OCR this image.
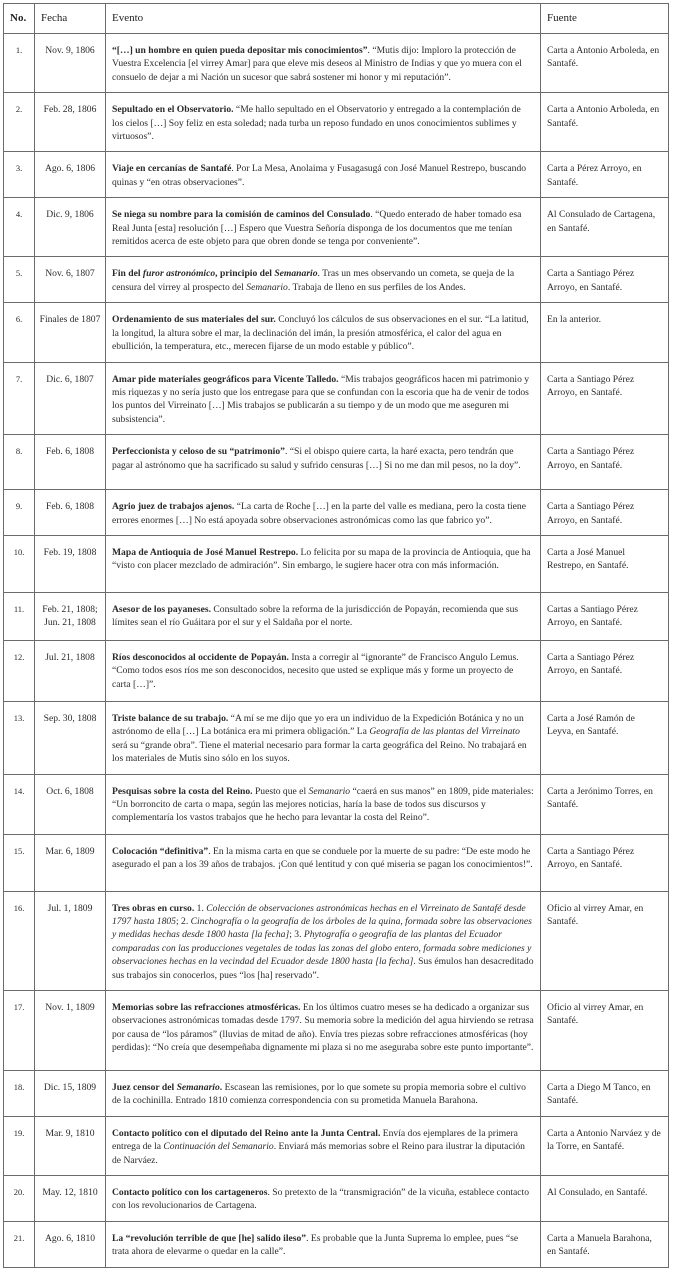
No.	Fecha	Evento	Fuente
1.	Nov. 9, 1806	“[…] un hombre en quien pueda depositar mis conocimientos”. “Mutis dijo: Imploro la protección de Vuestra Excelencia [el virrey Amar] para que eleve mis deseos al Ministro de Indias y que yo muera con el consuelo de dejar a mi Nación un sucesor que sabrá sostener mi honor y mi reputación”.	Carta a Antonio Arboleda, en Santafé.
2.	Feb. 28, 1806	Sepultado en el Observatorio. “Me hallo sepultado en el Observatorio y entregado a la contemplación de los cielos […] Soy feliz en esta soledad; nada turba un reposo fundado en unos conocimientos sublimes y virtuosos”.	Carta a Antonio Arboleda, en Santafé.
3.	Ago. 6, 1806	Viaje en cercanías de Santafé. Por La Mesa, Anolaima y Fusagasugá con José Manuel Restrepo, buscando quinas y “en otras observaciones”.	Carta a Pérez Arroyo, en Santafé.
4.	Dic. 9, 1806	Se niega su nombre para la comisión de caminos del Consulado. “Quedo enterado de haber tomado esa Real Junta [esta] resolución […] Espero que Vuestra Señoría disponga de los documentos que me tenían remitidos acerca de este objeto para que obren donde se tenga por conveniente”.	Al Consulado de Cartagena, en Santafé.
5.	Nov. 6, 1807	Fin del furor astronómico, principio del Semanario. Tras un mes observando un cometa, se queja de la censura del virrey al prospecto del Semanario. Trabaja de lleno en sus perfiles de los Andes.	Carta a Santiago Pérez Arroyo, en Santafé.
6.	Finales de 1807	Ordenamiento de sus materiales del sur. Concluyó los cálculos de sus observaciones en el sur. “La latitud, la longitud, la altura sobre el mar, la declinación del imán, la presión atmosférica, el calor del agua en ebullición, la temperatura, etc., merecen fijarse de un modo estable y público”.	En la anterior.
7.	Dic. 6, 1807	Amar pide materiales geográficos para Vicente Talledo. “Mis trabajos geográficos hacen mi patrimonio y mis riquezas y no sería justo que los entregase para que se confundan con la escoria que ha de venir de todos los puntos del Virreinato […] Mis trabajos se publicarán a su tiempo y de un modo que me aseguren mi subsistencia”.	Carta a Santiago Pérez Arroyo, en Santafé.
8.	Feb. 6, 1808	Perfeccionista y celoso de su “patrimonio”. “Si el obispo quiere carta, la haré exacta, pero tendrán que pagar al astrónomo que ha sacrificado su salud y sufrido censuras […] Si no me dan mil pesos, no la doy”.	Carta a Santiago Pérez Arroyo, en Santafé.
9.	Feb. 6, 1808	Agrio juez de trabajos ajenos. “La carta de Roche […] en la parte del valle es mediana, pero la costa tiene errores enormes […] No está apoyada sobre observaciones astronómicas como las que fabrico yo”.	Carta a Santiago Pérez Arroyo, en Santafé.
10.	Feb. 19, 1808	Mapa de Antioquia de José Manuel Restrepo. Lo felicita por su mapa de la provincia de Antioquia, que ha “visto con placer mezclado de admiración”. Sin embargo, le sugiere hacer otra con más información.	Carta a José Manuel Restrepo, en Santafé.
11.	Feb. 21, 1808; Jun. 21, 1808	Asesor de los payaneses. Consultado sobre la reforma de la jurisdicción de Popayán, recomienda que sus límites sean el río Guáitara por el sur y el Saldaña por el norte.	Cartas a Santiago Pérez Arroyo, en Santafé.
12.	Jul. 21, 1808	Ríos desconocidos al occidente de Popayán. Insta a corregir al “ignorante” de Francisco Angulo Lemus. “Como todos esos ríos me son desconocidos, necesito que usted se explique más y forme un proyecto de carta […]”.	Carta a Santiago Pérez Arroyo, en Santafé.
13.	Sep. 30, 1808	Triste balance de su trabajo. “A mí se me dijo que yo era un individuo de la Expedición Botánica y no un astrónomo de ella […] La botánica era mi primera obligación.” La Geografía de las plantas del Virreinato será su “grande obra”. Tiene el material necesario para formar la carta geográfica del Reino. No trabajará en los materiales de Mutis sino sólo en los suyos.	Carta a José Ramón de Leyva, en Santafé.
14.	Oct. 6, 1808	Pesquisas sobre la costa del Reino. Puesto que el Semanario “caerá en sus manos” en 1809, pide materiales: “Un borroncito de carta o mapa, según las mejores noticias, haría la base de todos sus discursos y complementaría los vastos trabajos que he hecho para levantar la costa del Reino”.	Carta a Jerónimo Torres, en Santafé.
15.	Mar. 6, 1809	Colocación “definitiva”. En la misma carta en que se conduele por la muerte de su padre: “De este modo he asegurado el pan a los 39 años de trabajos. ¡Con qué lentitud y con qué miseria se pagan los conocimientos!”.	Carta a Santiago Pérez Arroyo, en Santafé.
16.	Jul. 1, 1809	Tres obras en curso. 1. Colección de observaciones astronómicas hechas en el Virreinato de Santafé desde 1797 hasta 1805; 2. Cinchografía o la geografía de los árboles de la quina, formada sobre las observaciones y medidas hechas desde 1800 hasta [la fecha]; 3. Phytografía o geografía de las plantas del Ecuador comparadas con las producciones vegetales de todas las zonas del globo entero, formada sobre mediciones y observaciones hechas en la vecindad del Ecuador desde 1800 hasta [la fecha]. Sus émulos han desacreditado sus trabajos sin conocerlos, pues “los [ha] reservado”.	Oficio al virrey Amar, en Santafé.
17.	Nov. 1, 1809	Memorias sobre las refracciones atmosféricas. En los últimos cuatro meses se ha dedicado a organizar sus observaciones astronómicas tomadas desde 1797. Su memoria sobre la medición del agua hirviendo se retrasa por causa de “los páramos” (lluvias de mitad de año). Envía tres piezas sobre refracciones atmosféricas (hoy perdidas): “No creía que desempeñaba dignamente mi plaza si no me aseguraba sobre este punto importante”.	Oficio al virrey Amar, en Santafé.
18.	Dic. 15, 1809	Juez censor del Semanario. Escasean las remisiones, por lo que somete su propia memoria sobre el cultivo de la cochinilla. Entrado 1810 comienza correspondencia con su prometida Manuela Barahona.	Carta a Diego M Tanco, en Santafé.
19.	Mar. 9, 1810	Contacto político con el diputado del Reino ante la Junta Central. Envía dos ejemplares de la primera entrega de la Continuación del Semanario. Enviará más memorias sobre el Reino para ilustrar la diputación de Narváez.	Carta a Antonio Narváez y de la Torre, en Santafé.
20.	May. 12, 1810	Contacto político con los cartageneros. So pretexto de la “transmigración” de la vicuña, establece contacto con los revolucionarios de Cartagena.	Al Consulado, en Santafé.
21.	Ago. 6, 1810	La “revolución terrible de que [he] salido ileso”. Es probable que la Junta Suprema lo emplee, pues “se trata ahora de elevarme o quedar en la calle”.	Carta a Manuela Barahona, en Santafé.
